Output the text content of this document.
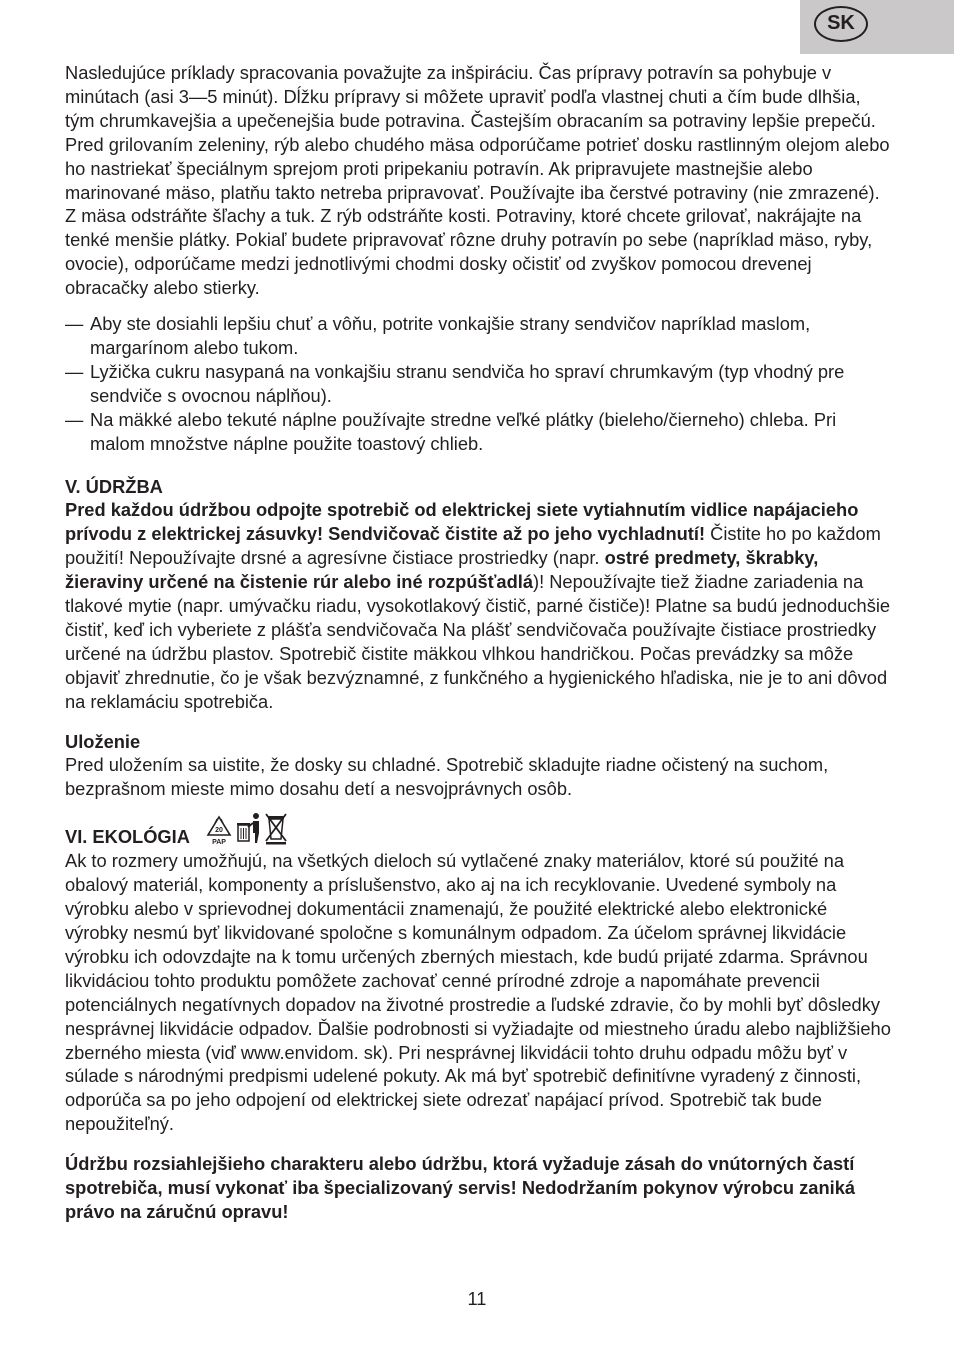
SK

Nasledujúce príklady spracovania považujte za inšpiráciu. Čas prípravy potravín sa pohybuje v minútach (asi 3—5 minút). Dĺžku prípravy si môžete upraviť podľa vlastnej chuti a čím bude dlhšia, tým chrumkavejšia a upečenejšia bude potravina. Častejším obracaním sa potraviny lepšie prepečú. Pred grilovaním zeleniny, rýb alebo chudého mäsa odporúčame potrieť dosku rastlinným olejom alebo ho nastriekať špeciálnym sprejom proti pripekaniu potravín. Ak pripravujete mastnejšie alebo marinované mäso, platňu takto netreba pripravovať. Používajte iba čerstvé potraviny (nie zmrazené). Z mäsa odstráňte šľachy a tuk. Z rýb odstráňte kosti. Potraviny, ktoré chcete grilovať, nakrájajte na tenké menšie plátky. Pokiaľ budete pripravovať rôzne druhy potravín po sebe (napríklad mäso, ryby, ovocie), odporúčame medzi jednotlivými chodmi dosky očistiť od zvyškov pomocou drevenej obracačky alebo stierky.

— Aby ste dosiahli lepšiu chuť a vôňu, potrite vonkajšie strany sendvičov napríklad maslom, margarínom alebo tukom.
— Lyžička cukru nasypaná na vonkajšiu stranu sendviča ho spraví chrumkavým (typ vhodný pre sendviče s ovocnou náplňou).
— Na mäkké alebo tekuté náplne používajte stredne veľké plátky (bieleho/čierneho) chleba. Pri malom množstve náplne použite toastový chlieb.
V. ÚDRŽBA

Pred každou údržbou odpojte spotrebič od elektrickej siete vytiahnutím vidlice napájacieho prívodu z elektrickej zásuvky! Sendvičovač čistite až po jeho vychladnutí! Čistite ho po každom použití! Nepoužívajte drsné a agresívne čistiace prostriedky (napr. ostré predmety, škrabky, žieraviny určené na čistenie rúr alebo iné rozpúšťadlá)! Nepoužívajte tiež žiadne zariadenia na tlakové mytie (napr. umývačku riadu, vysokotlakový čistič, parné čističe)! Platne sa budú jednoduchšie čistiť, keď ich vyberiete z plášťa sendvičovača Na plášť sendvičovača používajte čistiace prostriedky určené na údržbu plastov. Spotrebič čistite mäkkou vlhkou handričkou. Počas prevádzky sa môže objaviť zhrednutie, čo je však bezvýznamné, z funkčného a hygienického hľadiska, nie je to ani dôvod na reklamáciu spotrebiča.

Uloženie

Pred uložením sa uistite, že dosky su chladné. Spotrebič skladujte riadne očistený na suchom, bezprašnom mieste mimo dosahu detí a nesvojprávnych osôb.

VI. EKOLÓGIA	20
PAP

Ak to rozmery umožňujú, na všetkých dieloch sú vytlačené znaky materiálov, ktoré sú použité na obalový materiál, komponenty a príslušenstvo, ako aj na ich recyklovanie. Uvedené symboly na výrobku alebo v sprievodnej dokumentácii znamenajú, že použité elektrické alebo elektronické výrobky nesmú byť likvidované spoločne s komunálnym odpadom. Za účelom správnej likvidácie výrobku ich odovzdajte na k tomu určených zberných miestach, kde budú prijaté zdarma. Správnou likvidáciou tohto produktu pomôžete zachovať cenné prírodné zdroje a napomáhate prevencii potenciálnych negatívnych dopadov na životné prostredie a ľudské zdravie, čo by mohli byť dôsledky nesprávnej likvidácie odpadov. Ďalšie podrobnosti si vyžiadajte od miestneho úradu alebo najbližšieho zberného miesta (viď www.envidom. sk). Pri nesprávnej likvidácii tohto druhu odpadu môžu byť v súlade s národnými predpismi udelené pokuty. Ak má byť spotrebič definitívne vyradený z činnosti, odporúča sa po jeho odpojení od elektrickej siete odrezať napájací prívod. Spotrebič tak bude nepoužiteľný.

Údržbu rozsiahlejšieho charakteru alebo údržbu, ktorá vyžaduje zásah do vnútorných častí spotrebiča, musí vykonať iba špecializovaný servis! Nedodržaním pokynov výrobcu zaniká právo na záručnú opravu!

11
